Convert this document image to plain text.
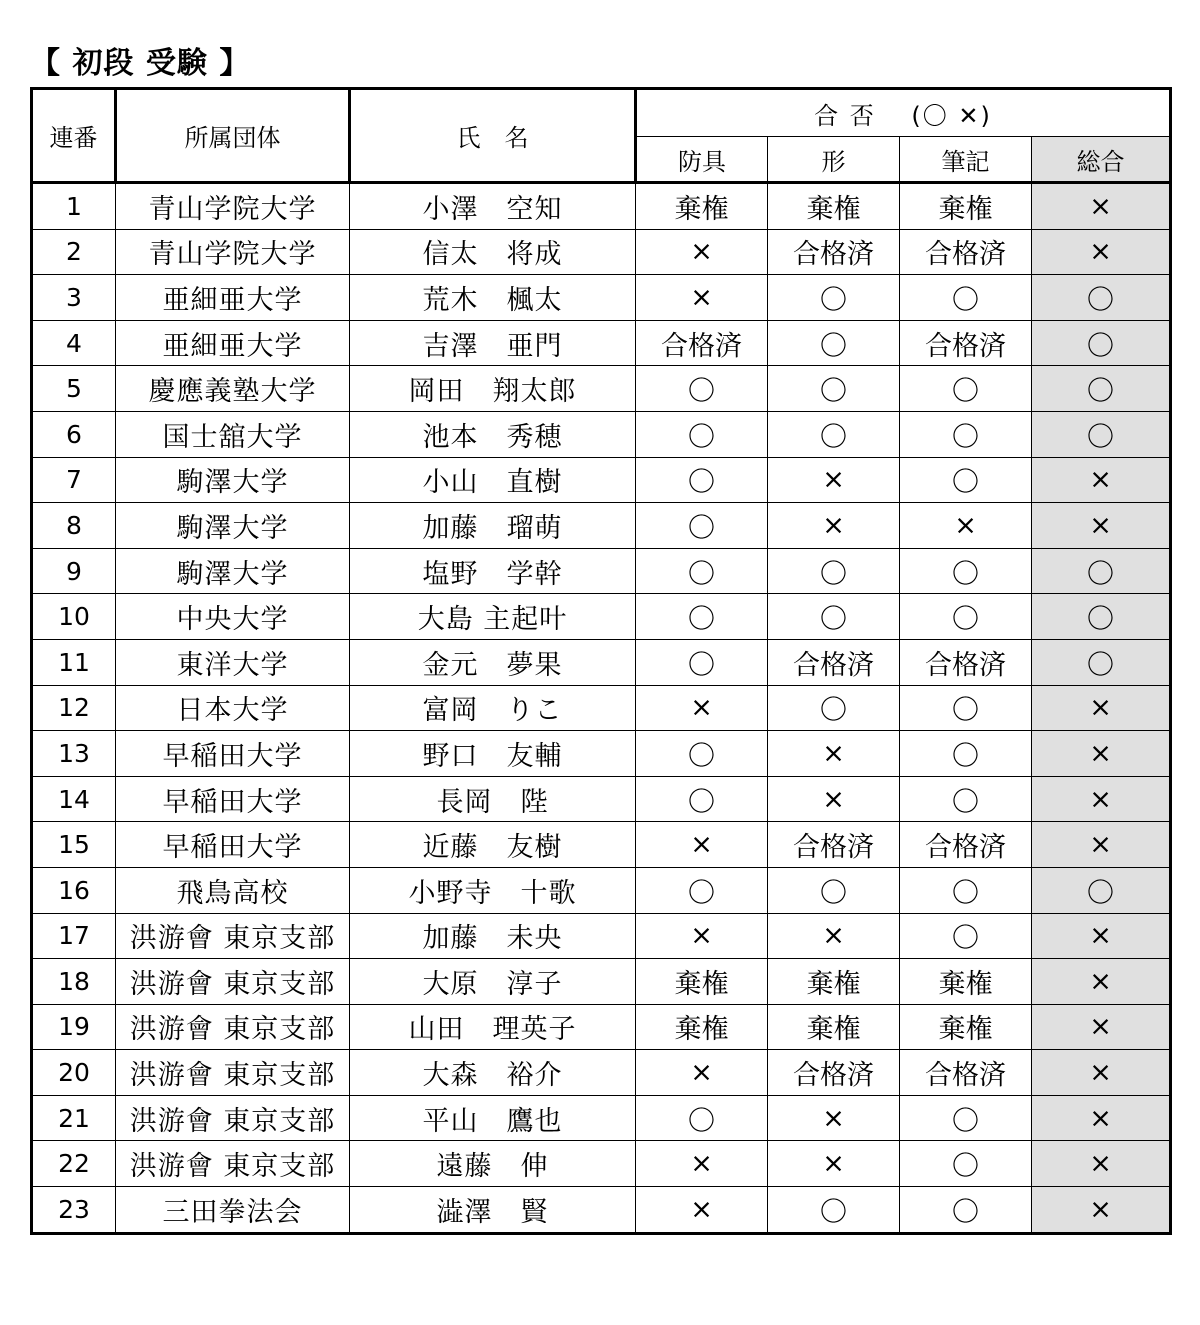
【 初段 受験 】
連番	所属団体	氏　名	合 否　 (〇 ✕)			
			防具	形	筆記	総合
1	青山学院大学	小澤　空知	棄権	棄権	棄権	×
2	青山学院大学	信太　将成	×	合格済	合格済	×
3	亜細亜大学	荒木　楓太	×	〇	〇	〇
4	亜細亜大学	吉澤　亜門	合格済	〇	合格済	〇
5	慶應義塾大学	岡田　翔太郎	〇	〇	〇	〇
6	国士舘大学	池本　秀穂	〇	〇	〇	〇
7	駒澤大学	小山　直樹	〇	×	〇	×
8	駒澤大学	加藤　瑠萌	〇	×	×	×
9	駒澤大学	塩野　学幹	〇	〇	〇	〇
10	中央大学	大島 主起叶	〇	〇	〇	〇
11	東洋大学	金元　夢果	〇	合格済	合格済	〇
12	日本大学	富岡　りこ	×	〇	〇	×
13	早稲田大学	野口　友輔	〇	×	〇	×
14	早稲田大学	長岡　陛	〇	×	〇	×
15	早稲田大学	近藤　友樹	×	合格済	合格済	×
16	飛鳥高校	小野寺　十歌	〇	〇	〇	〇
17	洪游會 東京支部	加藤　未央	×	×	〇	×
18	洪游會 東京支部	大原　淳子	棄権	棄権	棄権	×
19	洪游會 東京支部	山田　理英子	棄権	棄権	棄権	×
20	洪游會 東京支部	大森　裕介	×	合格済	合格済	×
21	洪游會 東京支部	平山　鷹也	〇	×	〇	×
22	洪游會 東京支部	遠藤　伸	×	×	〇	×
23	三田拳法会	澁澤　賢	×	〇	〇	×
